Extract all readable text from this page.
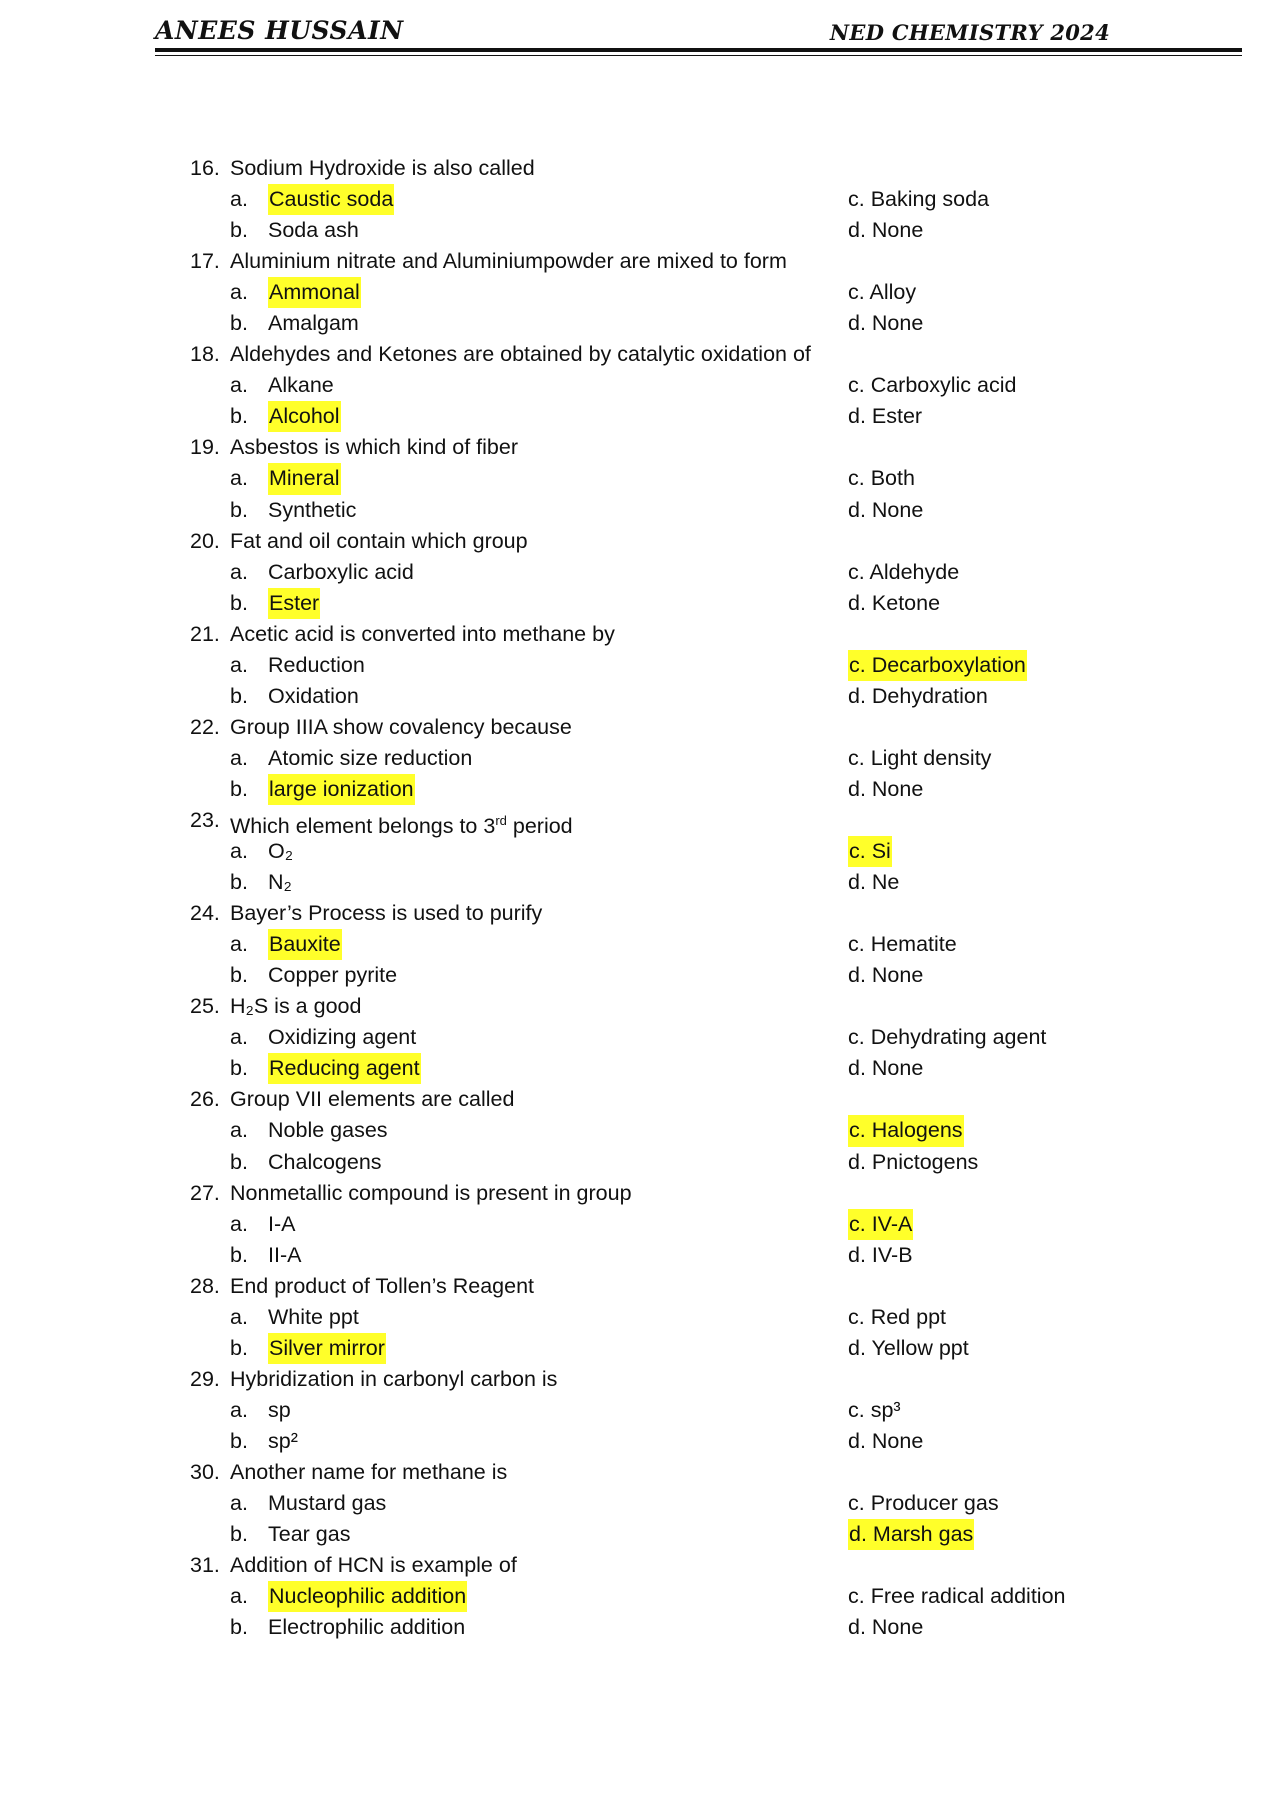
ANEES HUSSAIN	NED CHEMISTRY 2024
16. Sodium Hydroxide is also called
a. Caustic soda	c. Baking soda
b. Soda ash	d. None
17. Aluminium nitrate and Aluminiumpowder are mixed to form
a. Ammonal	c. Alloy
b. Amalgam	d. None
18. Aldehydes and Ketones are obtained by catalytic oxidation of
a. Alkane	c. Carboxylic acid
b. Alcohol	d. Ester
19. Asbestos is which kind of fiber
a. Mineral	c. Both
b. Synthetic	d. None
20. Fat and oil contain which group
a. Carboxylic acid	c. Aldehyde
b. Ester	d. Ketone
21. Acetic acid is converted into methane by
a. Reduction	c. Decarboxylation
b. Oxidation	d. Dehydration
22. Group IIIA show covalency because
a. Atomic size reduction	c. Light density
b. large ionization	d. None
23. Which element belongs to 3rd period
a. O₂	c. Si
b. N₂	d. Ne
24. Bayer’s Process is used to purify
a. Bauxite	c. Hematite
b. Copper pyrite	d. None
25. H₂S is a good
a. Oxidizing agent	c. Dehydrating agent
b. Reducing agent	d. None
26. Group VII elements are called
a. Noble gases	c. Halogens
b. Chalcogens	d. Pnictogens
27. Nonmetallic compound is present in group
a. I-A	c. IV-A
b. II-A	d. IV-B
28. End product of Tollen’s Reagent
a. White ppt	c. Red ppt
b. Silver mirror	d. Yellow ppt
29. Hybridization in carbonyl carbon is
a. sp	c. sp³
b. sp²	d. None
30. Another name for methane is
a. Mustard gas	c. Producer gas
b. Tear gas	d. Marsh gas
31. Addition of HCN is example of
a. Nucleophilic addition	c. Free radical addition
b. Electrophilic addition	d. None
